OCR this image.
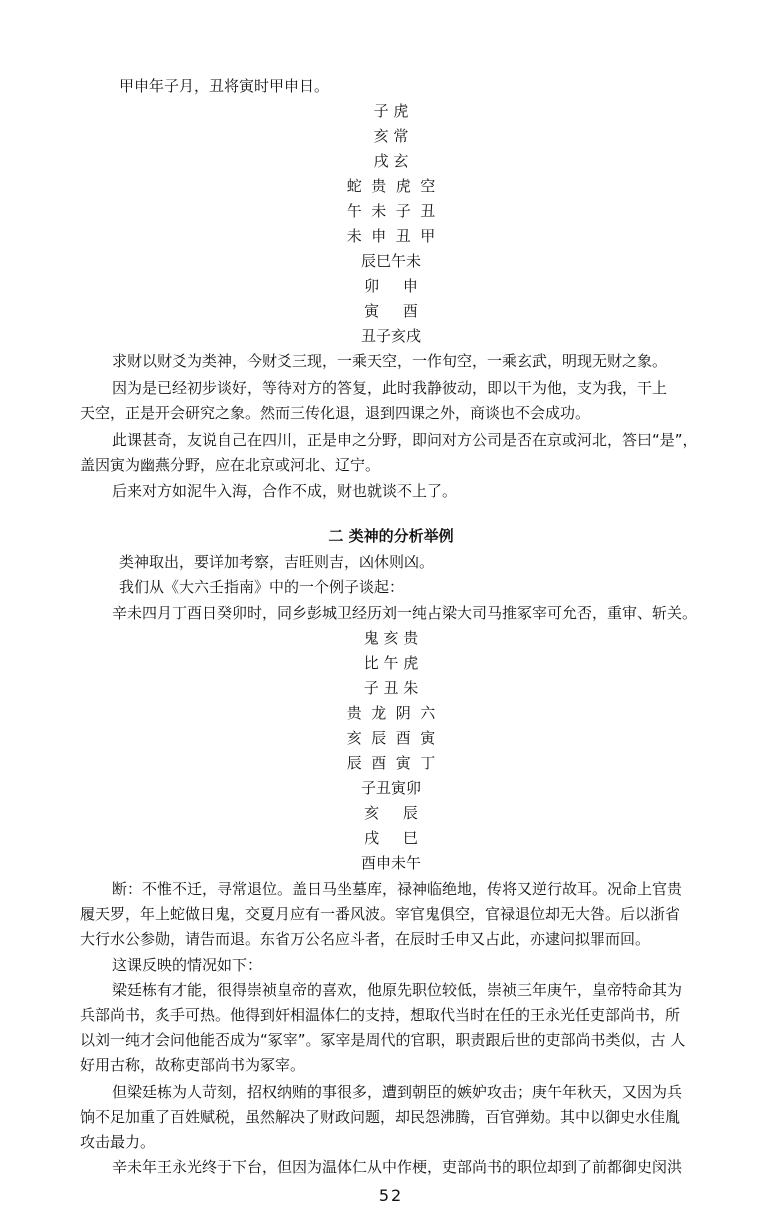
甲申年子月，丑将寅时甲申日。
子 虎
亥 常
戌 玄
蛇  贵  虎  空
午  未  子  丑
未  申  丑  甲
辰巳午未
卯     申
寅     酉
丑子亥戌
求财以财爻为类神，今财爻三现，一乘天空，一作旬空，一乘玄武，明现无财之象。
因为是已经初步谈好，等待对方的答复，此时我静彼动，即以干为他，支为我，干上
天空，正是开会研究之象。然而三传化退，退到四课之外，商谈也不会成功。
此课甚奇，友说自己在四川，正是申之分野，即问对方公司是否在京或河北，答曰“是”，
盖因寅为幽燕分野，应在北京或河北、辽宁。
后来对方如泥牛入海，合作不成，财也就谈不上了。
二 类神的分析举例
类神取出，要详加考察，吉旺则吉，凶休则凶。
我们从《大六壬指南》中的一个例子谈起：
辛未四月丁酉日癸卯时，同乡彭城卫经历刘一纯占梁大司马推冢宰可允否，重审、斩关。
鬼 亥 贵
比 午 虎
子 丑 朱
贵  龙  阴  六
亥  辰  酉  寅
辰  酉  寅  丁
子丑寅卯
亥     辰
戌     巳
酉申未午
断：不惟不迁，寻常退位。盖日马坐墓库，禄神临绝地，传将又逆行故耳。况命上官贵
履天罗，年上蛇做日鬼，交夏月应有一番风波。宰官鬼俱空，官禄退位却无大咎。后以浙省
大行水公参勋，请告而退。东省万公名应斗者，在辰时壬申又占此，亦逮问拟罪而回。
这课反映的情况如下：
梁廷栋有才能，很得崇祯皇帝的喜欢，他原先职位较低，崇祯三年庚午，皇帝特命其为
兵部尚书，炙手可热。他得到奸相温体仁的支持，想取代当时在任的王永光任吏部尚书，所
以刘一纯才会问他能否成为“冢宰”。冢宰是周代的官职，职责跟后世的吏部尚书类似，古 人
好用古称，故称吏部尚书为冢宰。
但梁廷栋为人苛刻，招权纳贿的事很多，遭到朝臣的嫉妒攻击；庚午年秋天，又因为兵
饷不足加重了百姓赋税，虽然解决了财政问题，却民怨沸腾，百官弹劾。其中以御史水佳胤
攻击最力。
辛未年王永光终于下台，但因为温体仁从中作梗，吏部尚书的职位却到了前都御史闵洪
52
